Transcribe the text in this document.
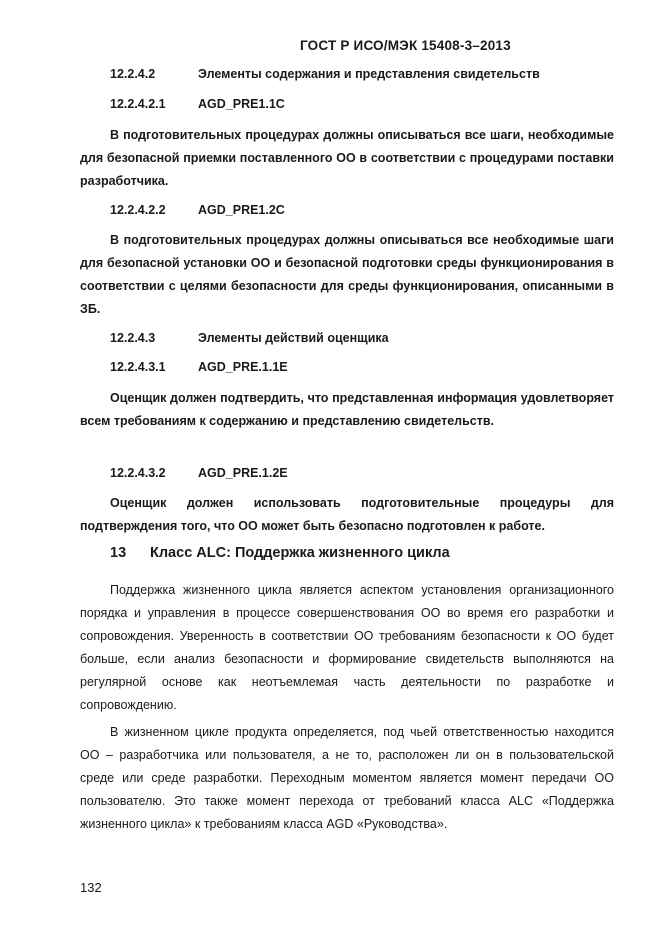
ГОСТ Р ИСО/МЭК 15408-3–2013
12.2.4.2	Элементы содержания и представления свидетельств
12.2.4.2.1	AGD_PRE1.1C

В подготовительных процедурах должны описываться все шаги, необходимые для безопасной приемки поставленного ОО в соответствии с процедурами поставки разработчика.

12.2.4.2.2	AGD_PRE1.2C

В подготовительных процедурах должны описываться все необходимые шаги для безопасной установки ОО и безопасной подготовки среды функционирования в соответствии с целями безопасности для среды функционирования, описанными в ЗБ.

12.2.4.3	Элементы действий оценщика
12.2.4.3.1	AGD_PRE.1.1E

Оценщик должен подтвердить, что представленная информация удовлетворяет всем требованиям к содержанию и представлению свидетельств.

12.2.4.3.2	AGD_PRE.1.2E

Оценщик должен использовать подготовительные процедуры для подтверждения того, что ОО может быть безопасно подготовлен к работе.

13 Класс ALC: Поддержка жизненного цикла

Поддержка жизненного цикла является аспектом установления организационного порядка и управления в процессе совершенствования ОО во время его разработки и сопровождения. Уверенность в соответствии ОО требованиям безопасности к ОО будет больше, если анализ безопасности и формирование свидетельств выполняются на регулярной основе как неотъемлемая часть деятельности по разработке и сопровождению.

В жизненном цикле продукта определяется, под чьей ответственностью находится ОО – разработчика или пользователя, а не то, расположен ли он в пользовательской среде или среде разработки. Переходным моментом является момент передачи ОО пользователю. Это также момент перехода от требований класса ALC «Поддержка жизненного цикла» к требованиям класса AGD «Руководства».

132
